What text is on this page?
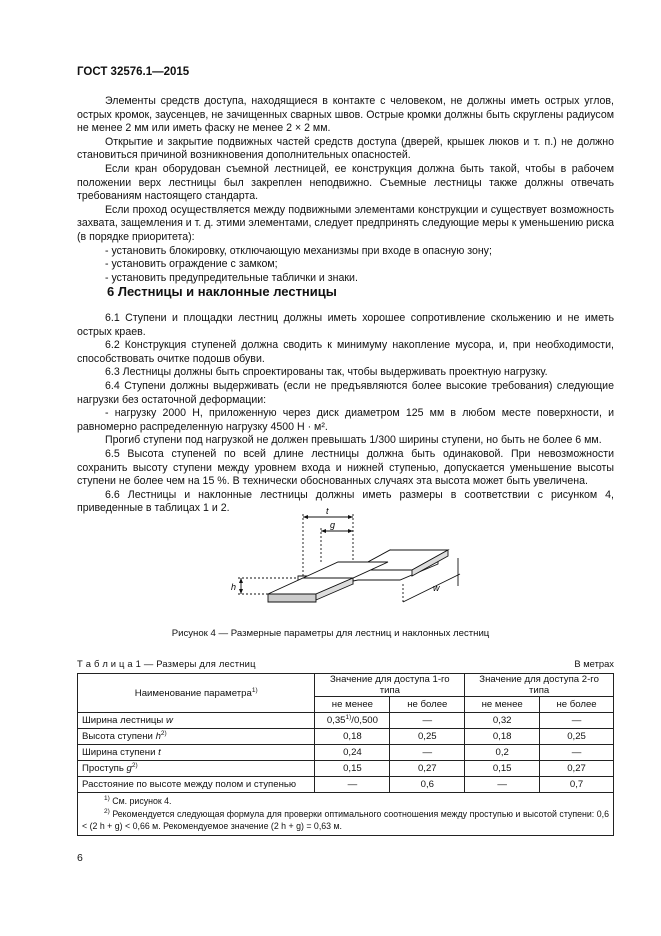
ГОСТ 32576.1—2015

Элементы средств доступа, находящиеся в контакте с человеком, не должны иметь острых углов, острых кромок, заусенцев, не зачищенных сварных швов. Острые кромки должны быть скруглены радиусом не менее 2 мм или иметь фаску не менее 2 × 2 мм.

Открытие и закрытие подвижных частей средств доступа (дверей, крышек люков и т. п.) не должно становиться причиной возникновения дополнительных опасностей.

Если кран оборудован съемной лестницей, ее конструкция должна быть такой, чтобы в рабочем положении верх лестницы был закреплен неподвижно. Съемные лестницы также должны отвечать требованиям настоящего стандарта.

Если проход осуществляется между подвижными элементами конструкции и существует возможность захвата, защемления и т. д. этими элементами, следует предпринять следующие меры к уменьшению риска (в порядке приоритета):

- установить блокировку, отключающую механизмы при входе в опасную зону;

- установить ограждение с замком;

- установить предупредительные таблички и знаки.

6 Лестницы и наклонные лестницы

6.1 Ступени и площадки лестниц должны иметь хорошее сопротивление скольжению и не иметь острых краев.

6.2 Конструкция ступеней должна сводить к минимуму накопление мусора, и, при необходимости, способствовать очитке подошв обуви.

6.3 Лестницы должны быть спроектированы так, чтобы выдерживать проектную нагрузку.

6.4 Ступени должны выдерживать (если не предъявляются более высокие требования) следующие нагрузки без остаточной деформации:

- нагрузку 2000 Н, приложенную через диск диаметром 125 мм в любом месте поверхности, и равномерно распределенную нагрузку 4500 Н · м².

Прогиб ступени под нагрузкой не должен превышать 1/300 ширины ступени, но быть не более 6 мм.

6.5 Высота ступеней по всей длине лестницы должна быть одинаковой. При невозможности сохранить высоту ступени между уровнем входа и нижней ступенью, допускается уменьшение высоты ступени не более чем на 15 %. В технически обоснованных случаях эта высота может быть увеличена.

6.6 Лестницы и наклонные лестницы должны иметь размеры в соответствии с рисунком 4, приведенные в таблицах 1 и 2.	t
g
h	w
Рисунок 4 — Размерные параметры для лестниц и наклонных лестниц
Т а б л и ц а 1 — Размеры для лестниц	В метрах
Наименование параметра$^{1)}$	Значение для доступа 1-го типа		Значение для доступа 2-го типа	
	не менее	не более	не менее	не более
Ширина лестницы w	0,35$^{1)}$/0,500	—	0,32	—
Высота ступени $h^{2)}$	0,18	0,25	0,18	0,25
Ширина ступени t	0,24	—	0,2	—
Проступь $g^{2)}$	0,15	0,27	0,15	0,27
Расстояние по высоте между полом и ступенью	—	0,6	—	0,7

$^{1)}$ См. рисунок 4.
$^{2)}$ Рекомендуется следующая формула для проверки оптимального соотношения между проступью и высотой ступени: 0,6 < (2 h + g) < 0,66 м. Рекомендуемое значение (2 h + g) = 0,63 м.				
6
